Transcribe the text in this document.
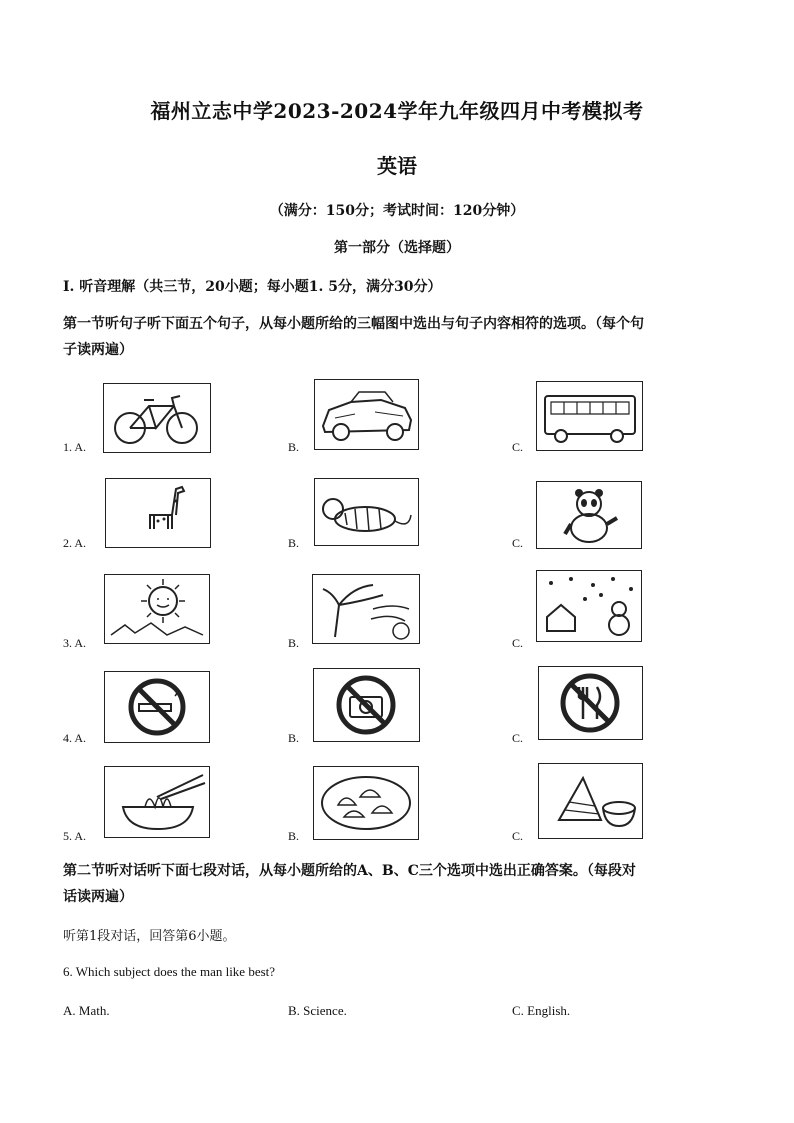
福州立志中学2023-2024学年九年级四月中考模拟考
英语
（满分：150分；考试时间：120分钟）
第一部分（选择题）
I. 听音理解（共三节，20小题；每小题1. 5分，满分30分）
第一节听句子听下面五个句子，从每小题所给的三幅图中选出与句子内容相符的选项。（每个句
子读两遍）
1. A.	B.	C.
2. A.	B.	C.
3. A.	B.	C.
4. A.	B.	C.
5. A.	B.	C.
第二节听对话听下面七段对话，从每小题所给的A、B、C三个选项中选出正确答案。（每段对
话读两遍）
听第1段对话，回答第6小题。
6. Which subject does the man like best?
A. Math.	B. Science.	C. English.
